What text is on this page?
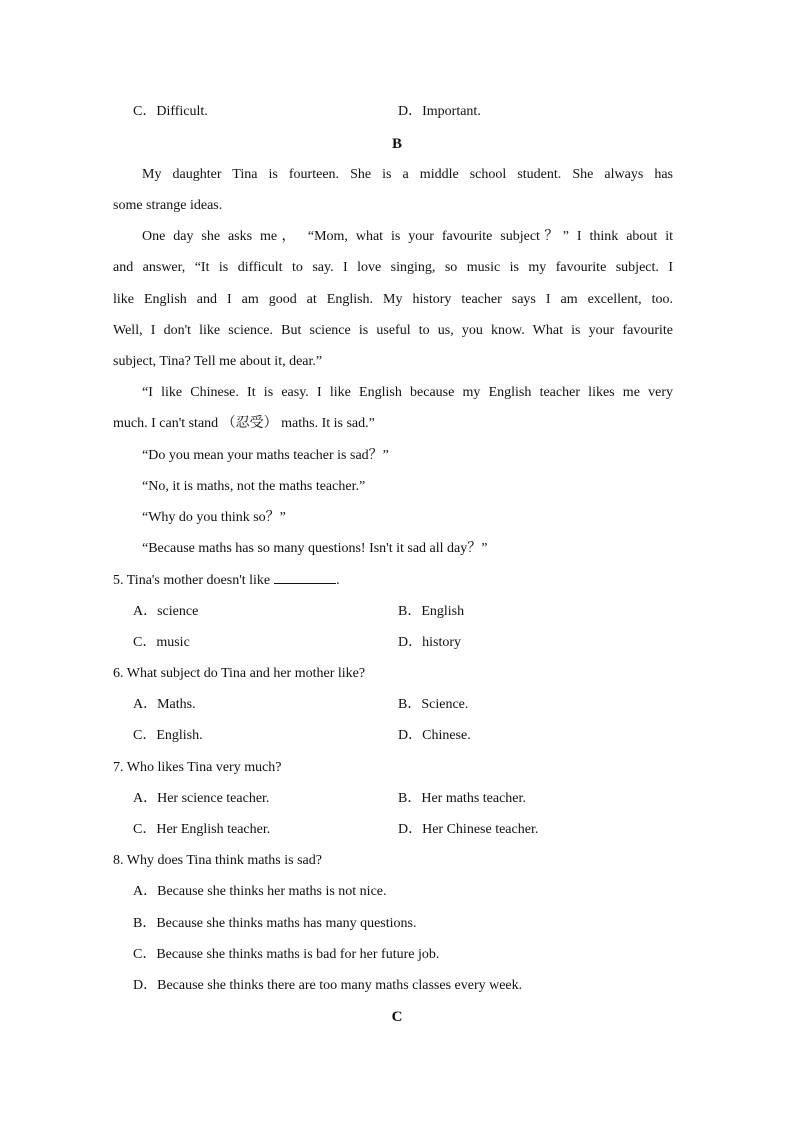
C．Difficult.	D．Important.
B
My daughter Tina is fourteen. She is a middle school student. She always has
some strange ideas.
One day she asks me， “Mom, what is your favourite subject？” I think about it
and answer, “It is difficult to say. I love singing, so music is my favourite subject. I
like English and I am good at English. My history teacher says I am excellent, too.
Well, I don't like science. But science is useful to us, you know. What is your favourite
subject, Tina? Tell me about it, dear.”
“I like Chinese. It is easy. I like English because my English teacher likes me very
much. I can't stand （忍受） maths. It is sad.”
“Do you mean your maths teacher is sad？”
“No, it is maths, not the maths teacher.”
“Why do you think so？”
“Because maths has so many questions! Isn't it sad all day？”
5. Tina's mother doesn't like	.
A．science	B．English
C．music	D．history
6. What subject do Tina and her mother like?
A．Maths.	B．Science.
C．English.	D．Chinese.
7. Who likes Tina very much?
A．Her science teacher.	B．Her maths teacher.
C．Her English teacher.	D．Her Chinese teacher.
8. Why does Tina think maths is sad?
A．Because she thinks her maths is not nice.
B．Because she thinks maths has many questions.
C．Because she thinks maths is bad for her future job.
D．Because she thinks there are too many maths classes every week.
C
